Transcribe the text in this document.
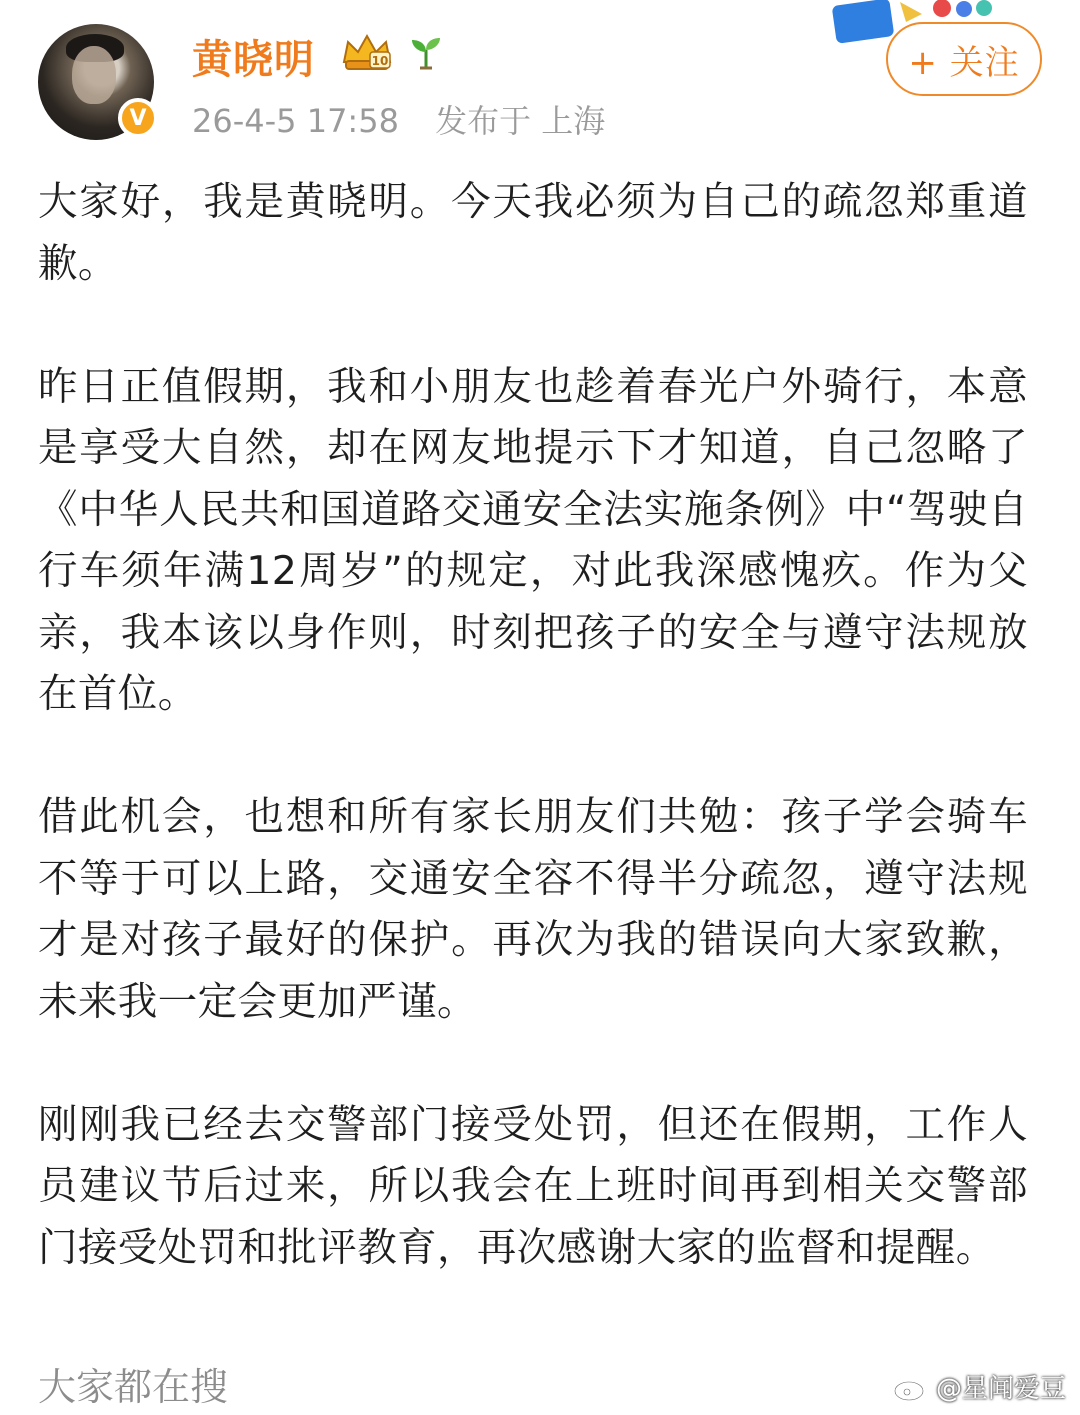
V
黄晓明	10
26-4-5 17:58 发布于 上海
+ 关注

大家好，我是黄晓明。今天我必须为自己的疏忽郑重道歉。

昨日正值假期，我和小朋友也趁着春光户外骑行，本意是享受大自然，却在网友地提示下才知道，自己忽略了《中华人民共和国道路交通安全法实施条例》中“驾驶自行车须年满12周岁”的规定，对此我深感愧疚。作为父亲，我本该以身作则，时刻把孩子的安全与遵守法规放在首位。

借此机会，也想和所有家长朋友们共勉：孩子学会骑车不等于可以上路，交通安全容不得半分疏忽，遵守法规才是对孩子最好的保护。再次为我的错误向大家致歉，未来我一定会更加严谨。

刚刚我已经去交警部门接受处罚，但还在假期，工作人员建议节后过来，所以我会在上班时间再到相关交警部门接受处罚和批评教育，再次感谢大家的监督和提醒。

大家都在搜	@星闻爱豆
